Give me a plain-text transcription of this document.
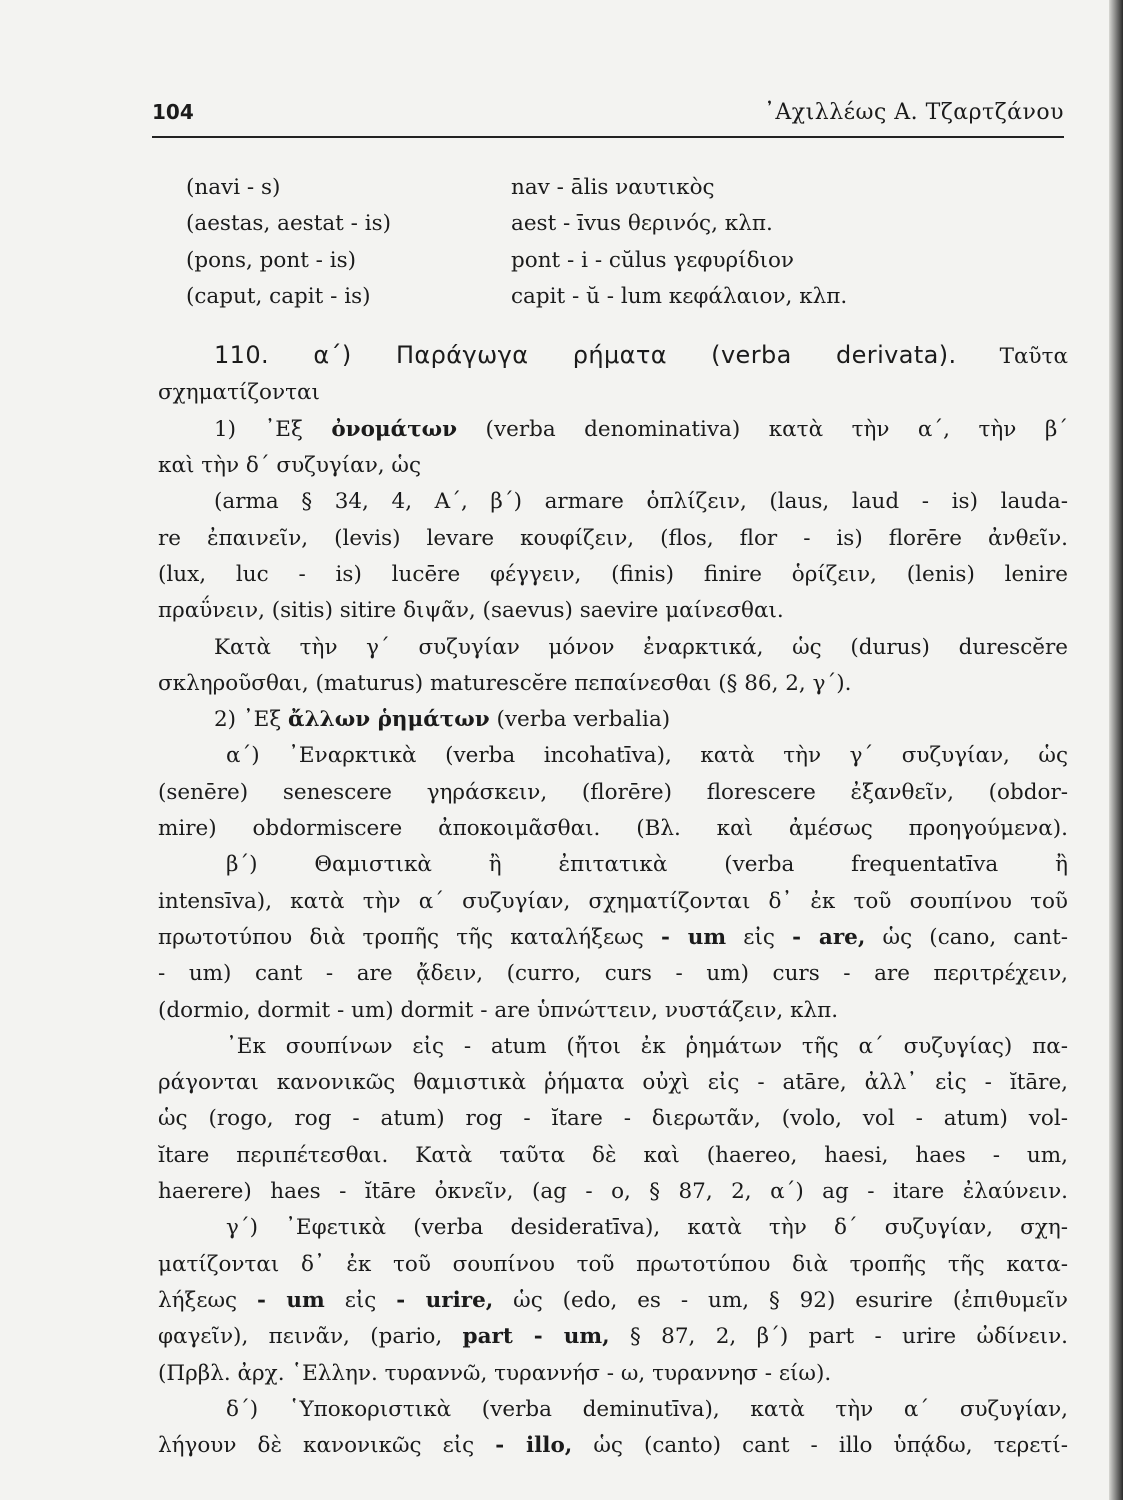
104	᾿Αχιλλέως Α. Τζαρτζάνου
(navi - s)	nav - ālis ναυτικὸς
(aestas, aestat - is)	aest - īvus θερινός, κλπ.
(pons, pont - is)	pont - i - cŭlus γεφυρίδιον
(caput, capit - is)	capit - ŭ - lum κεφάλαιον, κλπ.
110. α΄) Παράγωγα ρήματα (verba derivata). Ταῦτα
σχηματίζονται
1) ᾿Εξ ὀνομάτων (verba denominativa) κατὰ τὴν α΄, τὴν β΄
καὶ τὴν δ΄ συζυγίαν, ὡς
(arma § 34, 4, A΄, β΄) armare ὁπλίζειν, (laus, laud - is) lauda-
re ἐπαινεῖν, (levis) levare κουφίζειν, (flos, flor - is) florēre ἀνθεῖν.
(lux, luc - is) lucēre φέγγειν, (finis) finire ὁρίζειν, (lenis) lenire
πραΰνειν, (sitis) sitire διψᾶν, (saevus) saevire μαίνεσθαι.
Κατὰ τὴν γ΄ συζυγίαν μόνον ἐναρκτικά, ὡς (durus) durescĕre
σκληροῦσθαι, (maturus) maturescĕre πεπαίνεσθαι (§ 86, 2, γ΄).
2) ᾿Εξ ἄλλων ῥημάτων (verba verbalia)
α΄) ᾿Εναρκτικὰ (verba incohatīva), κατὰ τὴν γ΄ συζυγίαν, ὡς
(senēre) senescere γηράσκειν, (florēre) florescere ἐξανθεῖν, (obdor-
mire) obdormiscere ἀποκοιμᾶσθαι. (Βλ. καὶ ἀμέσως προηγούμενα).
β΄) Θαμιστικὰ ἢ ἐπιτατικὰ (verba frequentatīva ἢ
intensīva), κατὰ τὴν α΄ συζυγίαν, σχηματίζονται δ᾿ ἐκ τοῦ σουπίνου τοῦ
πρωτοτύπου διὰ τροπῆς τῆς καταλήξεως - um εἰς - are, ὡς (cano, cant-
- um) cant - are ᾄδειν, (curro, curs - um) curs - are περιτρέχειν,
(dormio, dormit - um) dormit - are ὑπνώττειν, νυστάζειν, κλπ.
᾿Εκ σουπίνων εἰς - atum (ἤτοι ἐκ ῥημάτων τῆς α΄ συζυγίας) πα-
ράγονται κανονικῶς θαμιστικὰ ῥήματα οὐχὶ εἰς - atāre, ἀλλ᾿ εἰς - ĭtāre,
ὡς (rogo, rog - atum) rog - ĭtare - διερωτᾶν, (volo, vol - atum) vol-
ĭtare περιπέτεσθαι. Κατὰ ταῦτα δὲ καὶ (haereo, haesi, haes - um,
haerere) haes - ĭtāre ὀκνεῖν, (ag - o, § 87, 2, α΄) ag - itare ἐλαύνειν.
γ΄) ᾿Εφετικὰ (verba desideratīva), κατὰ τὴν δ΄ συζυγίαν, σχη-
ματίζονται δ᾿ ἐκ τοῦ σουπίνου τοῦ πρωτοτύπου διὰ τροπῆς τῆς κατα-
λήξεως - um εἰς - urire, ὡς (edo, es - um, § 92) esurire (ἐπιθυμεῖν
φαγεῖν), πεινᾶν, (pario, part - um, § 87, 2, β΄) part - urire ὠδίνειν.
(Πρβλ. ἀρχ. ῾Ελλην. τυραννῶ, τυραννήσ - ω, τυραννησ - είω).
δ΄) ῾Υποκοριστικὰ (verba deminutīva), κατὰ τὴν α΄ συζυγίαν,
λήγουν δὲ κανονικῶς εἰς - illo, ὡς (canto) cant - illo ὑπᾴδω, τερετί-
